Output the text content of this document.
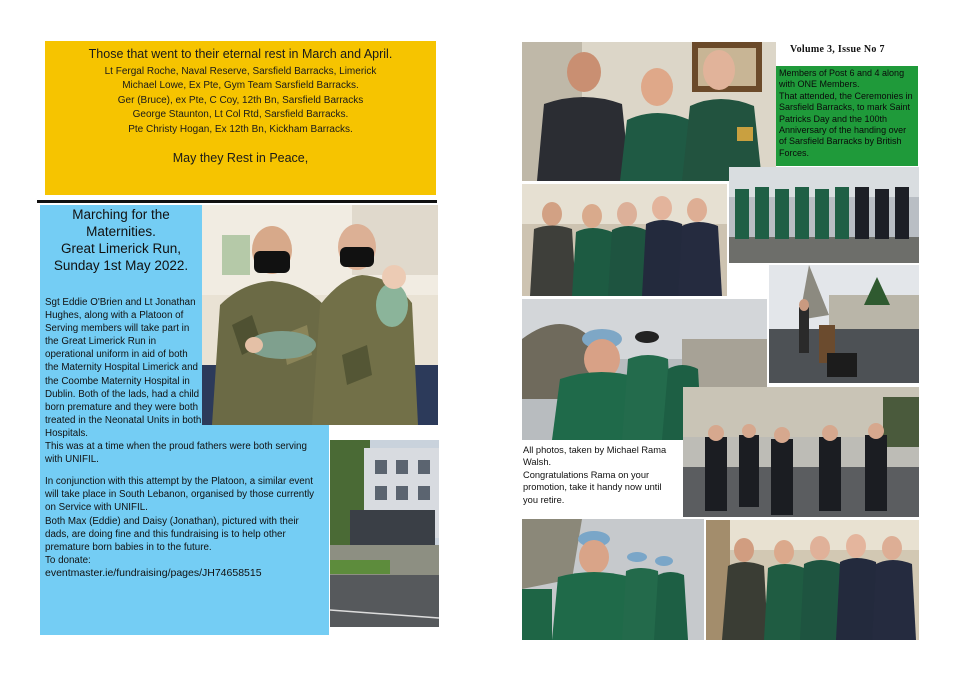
Those that went to their eternal rest in March and April.
Lt Fergal Roche, Naval Reserve, Sarsfield Barracks, Limerick
Michael Lowe, Ex Pte, Gym Team Sarsfield Barracks.
Ger (Bruce), ex Pte, C Coy, 12th Bn, Sarsfield Barracks
George Staunton, Lt Col Rtd, Sarsfield Barracks.
Pte Christy Hogan, Ex 12th Bn, Kickham Barracks.
May they Rest in Peace,
Marching for the
Maternities.
Great Limerick Run,
Sunday 1st May 2022.

Sgt Eddie O'Brien and Lt Jonathan Hughes, along with a Platoon of Serving members will take part in the Great Limerick Run in operational uniform in aid of both the Maternity Hospital Limerick and the Coombe Maternity Hospital in Dublin. Both of the lads, had a child born premature and they were both treated in the Neonatal Units in both Hospitals.

This was at a time when the proud fathers were both serving with UNIFIL.

In conjunction with this attempt by the Platoon, a similar event will take place in South Lebanon, organised by those currently on Service with UNIFIL.

Both Max (Eddie) and Daisy (Jonathan), pictured with their dads, are doing fine and this fundraising is to help other premature born babies in to the future.

To donate:
eventmaster.ie/fundraising/pages/JH74658515
Volume 3, Issue No 7

Members of Post 6 and 4 along with ONE Members.

That attended, the Ceremonies in Sarsfield Barracks, to mark Saint Patricks Day and the 100th Anniversary of the handing over of Sarsfield Barracks by British Forces.

All photos, taken by Michael Rama Walsh.

Congratulations Rama on your promotion, take it handy now until you retire.
